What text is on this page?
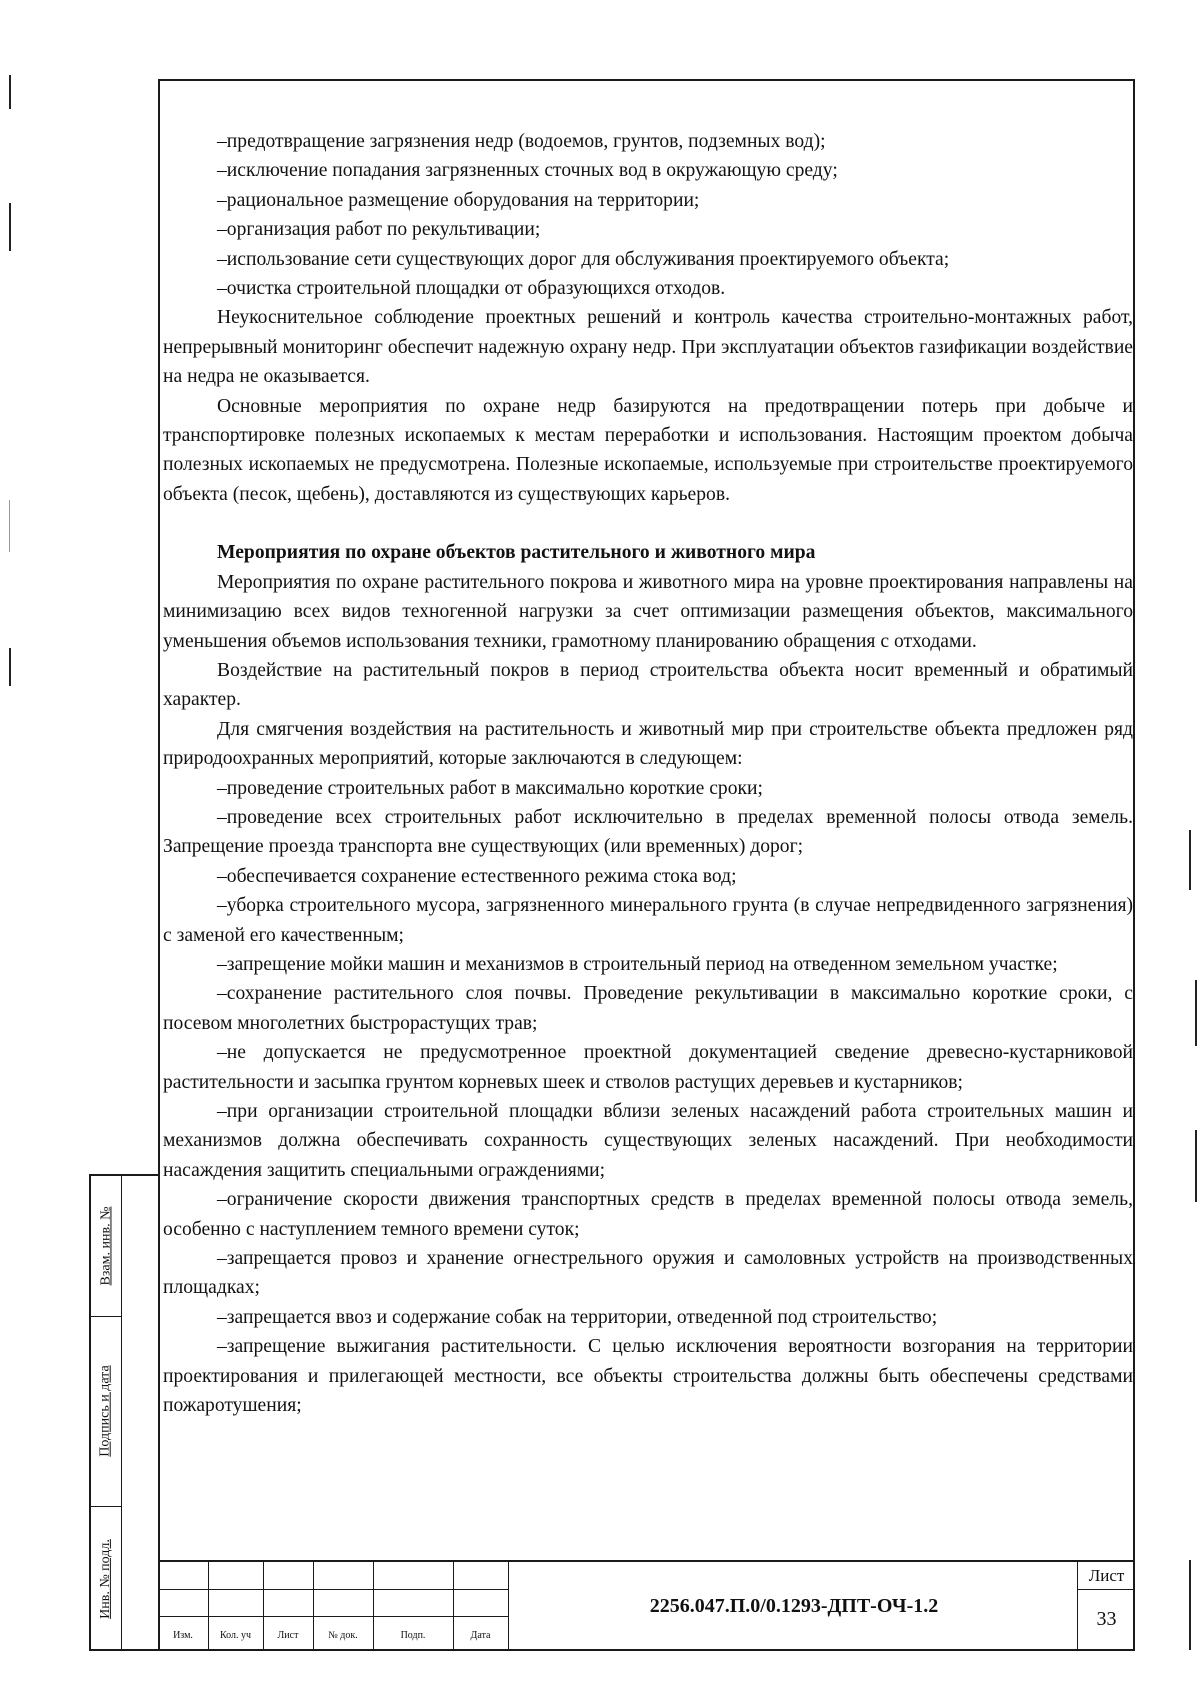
–предотвращение загрязнения недр (водоемов, грунтов, подземных вод);

–исключение попадания загрязненных сточных вод в окружающую среду;

–рациональное размещение оборудования на территории;

–организация работ по рекультивации;

–использование сети существующих дорог для обслуживания проектируемого объекта;

–очистка строительной площадки от образующихся отходов.

Неукоснительное соблюдение проектных решений и контроль качества строительно-монтажных работ, непрерывный мониторинг обеспечит надежную охрану недр. При эксплуатации объектов газификации воздействие на недра не оказывается.

Основные мероприятия по охране недр базируются на предотвращении потерь при добыче и транспортировке полезных ископаемых к местам переработки и использования. Настоящим проектом добыча полезных ископаемых не предусмотрена. Полезные ископаемые, используемые при строительстве проектируемого объекта (песок, щебень), доставляются из существующих карьеров.

Мероприятия по охране объектов растительного и животного мира

Мероприятия по охране растительного покрова и животного мира на уровне проектирования направлены на минимизацию всех видов техногенной нагрузки за счет оптимизации размещения объектов, максимального уменьшения объемов использования техники, грамотному планированию обращения с отходами.

Воздействие на растительный покров в период строительства объекта носит временный и обратимый характер.

Для смягчения воздействия на растительность и животный мир при строительстве объекта предложен ряд природоохранных мероприятий, которые заключаются в следующем:

–проведение строительных работ в максимально короткие сроки;

–проведение всех строительных работ исключительно в пределах временной полосы отвода земель. Запрещение проезда транспорта вне существующих (или временных) дорог;

–обеспечивается сохранение естественного режима стока вод;

–уборка строительного мусора, загрязненного минерального грунта (в случае непредвиденного загрязнения) с заменой его качественным;

–запрещение мойки машин и механизмов в строительный период на отведенном земельном участке;

–сохранение растительного слоя почвы. Проведение рекультивации в максимально короткие сроки, с посевом многолетних быстрорастущих трав;

–не допускается не предусмотренное проектной документацией сведение древесно-кустарниковой растительности и засыпка грунтом корневых шеек и стволов растущих деревьев и кустарников;

–при организации строительной площадки вблизи зеленых насаждений работа строительных машин и механизмов должна обеспечивать сохранность существующих зеленых насаждений. При необходимости насаждения защитить специальными ограждениями;

–ограничение скорости движения транспортных средств в пределах временной полосы отвода земель, особенно с наступлением темного времени суток;

–запрещается провоз и хранение огнестрельного оружия и самоловных устройств на производственных площадках;

–запрещается ввоз и содержание собак на территории, отведенной под строительство;

–запрещение выжигания растительности. С целью исключения вероятности возгорания на территории проектирования и прилегающей местности, все объекты строительства должны быть обеспечены средствами пожаротушения;

Взам. инв. №
Подпись и дата
Инв. № подл.
Изм.	Кол. уч	Лист	№ док.	Подп.	Дата
2256.047.П.0/0.1293-ДПТ-ОЧ-1.2
Лист
33
